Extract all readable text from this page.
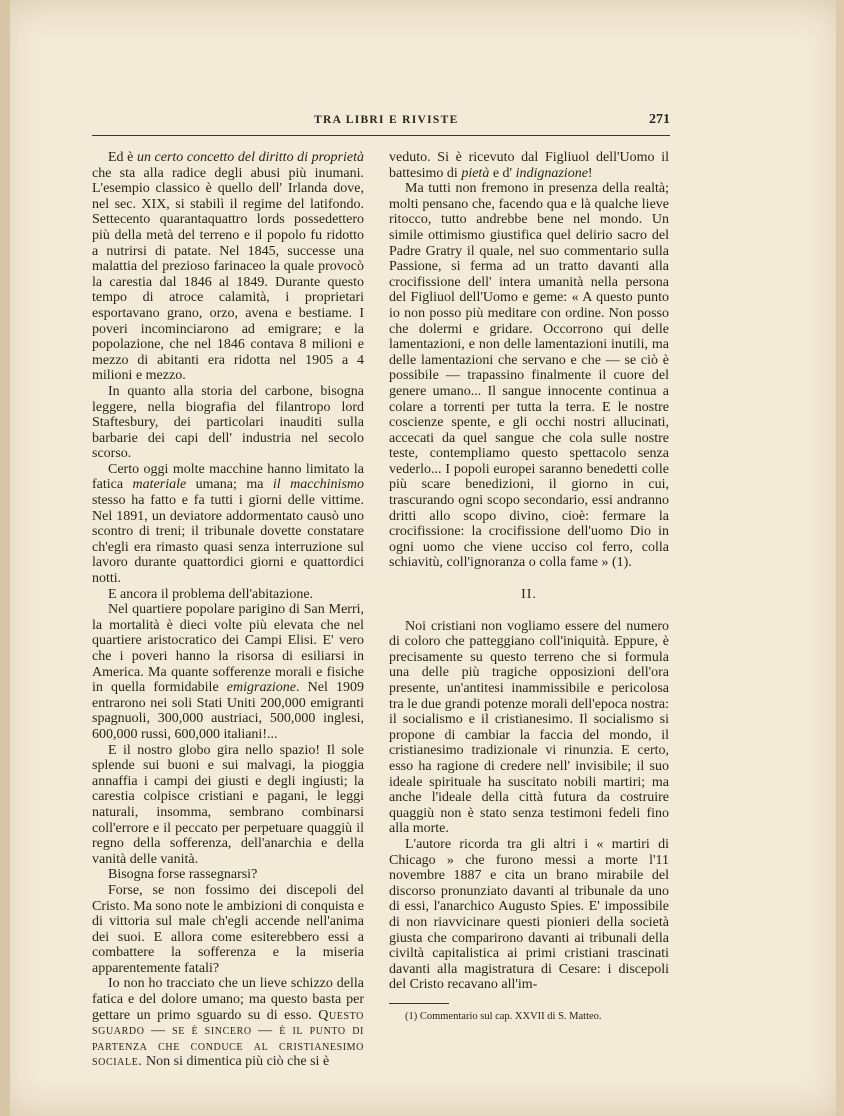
TRA LIBRI E RIVISTE	271

Ed è un certo concetto del diritto di proprietà che sta alla radice degli abusi più inumani. L'esempio classico è quello dell' Irlanda dove, nel sec. XIX, si stabilì il regime del latifondo. Settecento quarantaquattro lords possedettero più della metà del terreno e il popolo fu ridotto a nutrirsi di patate. Nel 1845, successe una malattia del prezioso farinaceo la quale provocò la carestia dal 1846 al 1849. Durante questo tempo di atroce calamità, i proprietari esportavano grano, orzo, avena e bestiame. I poveri incominciarono ad emigrare; e la popolazione, che nel 1846 contava 8 milioni e mezzo di abitanti era ridotta nel 1905 a 4 milioni e mezzo.

In quanto alla storia del carbone, bisogna leggere, nella biografia del filantropo lord Staftesbury, dei particolari inauditi sulla barbarie dei capi dell' industria nel secolo scorso.

Certo oggi molte macchine hanno limitato la fatica materiale umana; ma il macchinismo stesso ha fatto e fa tutti i giorni delle vittime. Nel 1891, un deviatore addormentato causò uno scontro di treni; il tribunale dovette constatare ch'egli era rimasto quasi senza interruzione sul lavoro durante quattordici giorni e quattordici notti.

E ancora il problema dell'abitazione.

Nel quartiere popolare parigino di San Merri, la mortalità è dieci volte più elevata che nel quartiere aristocratico dei Campi Elisi. E' vero che i poveri hanno la risorsa di esiliarsi in America. Ma quante sofferenze morali e fisiche in quella formidabile emigrazione. Nel 1909 entrarono nei soli Stati Uniti 200,000 emigranti spagnuoli, 300,000 austriaci, 500,000 inglesi, 600,000 russi, 600,000 italiani!...

E il nostro globo gira nello spazio! Il sole splende sui buoni e sui malvagi, la pioggia annaffia i campi dei giusti e degli ingiusti; la carestia colpisce cristiani e pagani, le leggi naturali, insomma, sembrano combinarsi coll'errore e il peccato per perpetuare quaggiù il regno della sofferenza, dell'anarchia e della vanità delle vanità.

Bisogna forse rassegnarsi?

Forse, se non fossimo dei discepoli del Cristo. Ma sono note le ambizioni di conquista e di vittoria sul male ch'egli accende nell'anima dei suoi. E allora come esiterebbero essi a combattere la sofferenza e la miseria apparentemente fatali?

Io non ho tracciato che un lieve schizzo della fatica e del dolore umano; ma questo basta per gettare un primo sguardo su di esso. Questo sguardo — se è sincero — è il punto di partenza che conduce al cristianesimo sociale. Non si dimentica più ciò che si è

veduto. Si è ricevuto dal Figliuol dell'Uomo il battesimo di pietà e d' indignazione!

Ma tutti non fremono in presenza della realtà; molti pensano che, facendo qua e là qualche lieve ritocco, tutto andrebbe bene nel mondo. Un simile ottimismo giustifica quel delirio sacro del Padre Gratry il quale, nel suo commentario sulla Passione, si ferma ad un tratto davanti alla crocifissione dell' intera umanità nella persona del Figliuol dell'Uomo e geme: « A questo punto io non posso più meditare con ordine. Non posso che dolermi e gridare. Occorrono qui delle lamentazioni, e non delle lamentazioni inutili, ma delle lamentazioni che servano e che — se ciò è possibile — trapassino finalmente il cuore del genere umano... Il sangue innocente continua a colare a torrenti per tutta la terra. E le nostre coscienze spente, e gli occhi nostri allucinati, accecati da quel sangue che cola sulle nostre teste, contempliamo questo spettacolo senza vederlo... I popoli europei saranno benedetti colle più scare benedizioni, il giorno in cui, trascurando ogni scopo secondario, essi andranno dritti allo scopo divino, cioè: fermare la crocifissione: la crocifissione dell'uomo Dio in ogni uomo che viene ucciso col ferro, colla schiavitù, coll'ignoranza o colla fame » (1).

II.

Noi cristiani non vogliamo essere del numero di coloro che patteggiano coll'iniquità. Eppure, è precisamente su questo terreno che si formula una delle più tragiche opposizioni dell'ora presente, un'antitesi inammissibile e pericolosa tra le due grandi potenze morali dell'epoca nostra: il socialismo e il cristianesimo. Il socialismo si propone di cambiar la faccia del mondo, il cristianesimo tradizionale vi rinunzia. E certo, esso ha ragione di credere nell' invisibile; il suo ideale spirituale ha suscitato nobili martiri; ma anche l'ideale della città futura da costruire quaggiù non è stato senza testimoni fedeli fino alla morte.

L'autore ricorda tra gli altri i « martiri di Chicago » che furono messi a morte l'11 novembre 1887 e cita un brano mirabile del discorso pronunziato davanti al tribunale da uno di essi, l'anarchico Augusto Spies. E' impossibile di non riavvicinare questi pionieri della società giusta che comparirono davanti ai tribunali della civiltà capitalistica ai primi cristiani trascinati davanti alla magistratura di Cesare: i discepoli del Cristo recavano all'im-

(1) Commentario sul cap. XXVII di S. Matteo.
